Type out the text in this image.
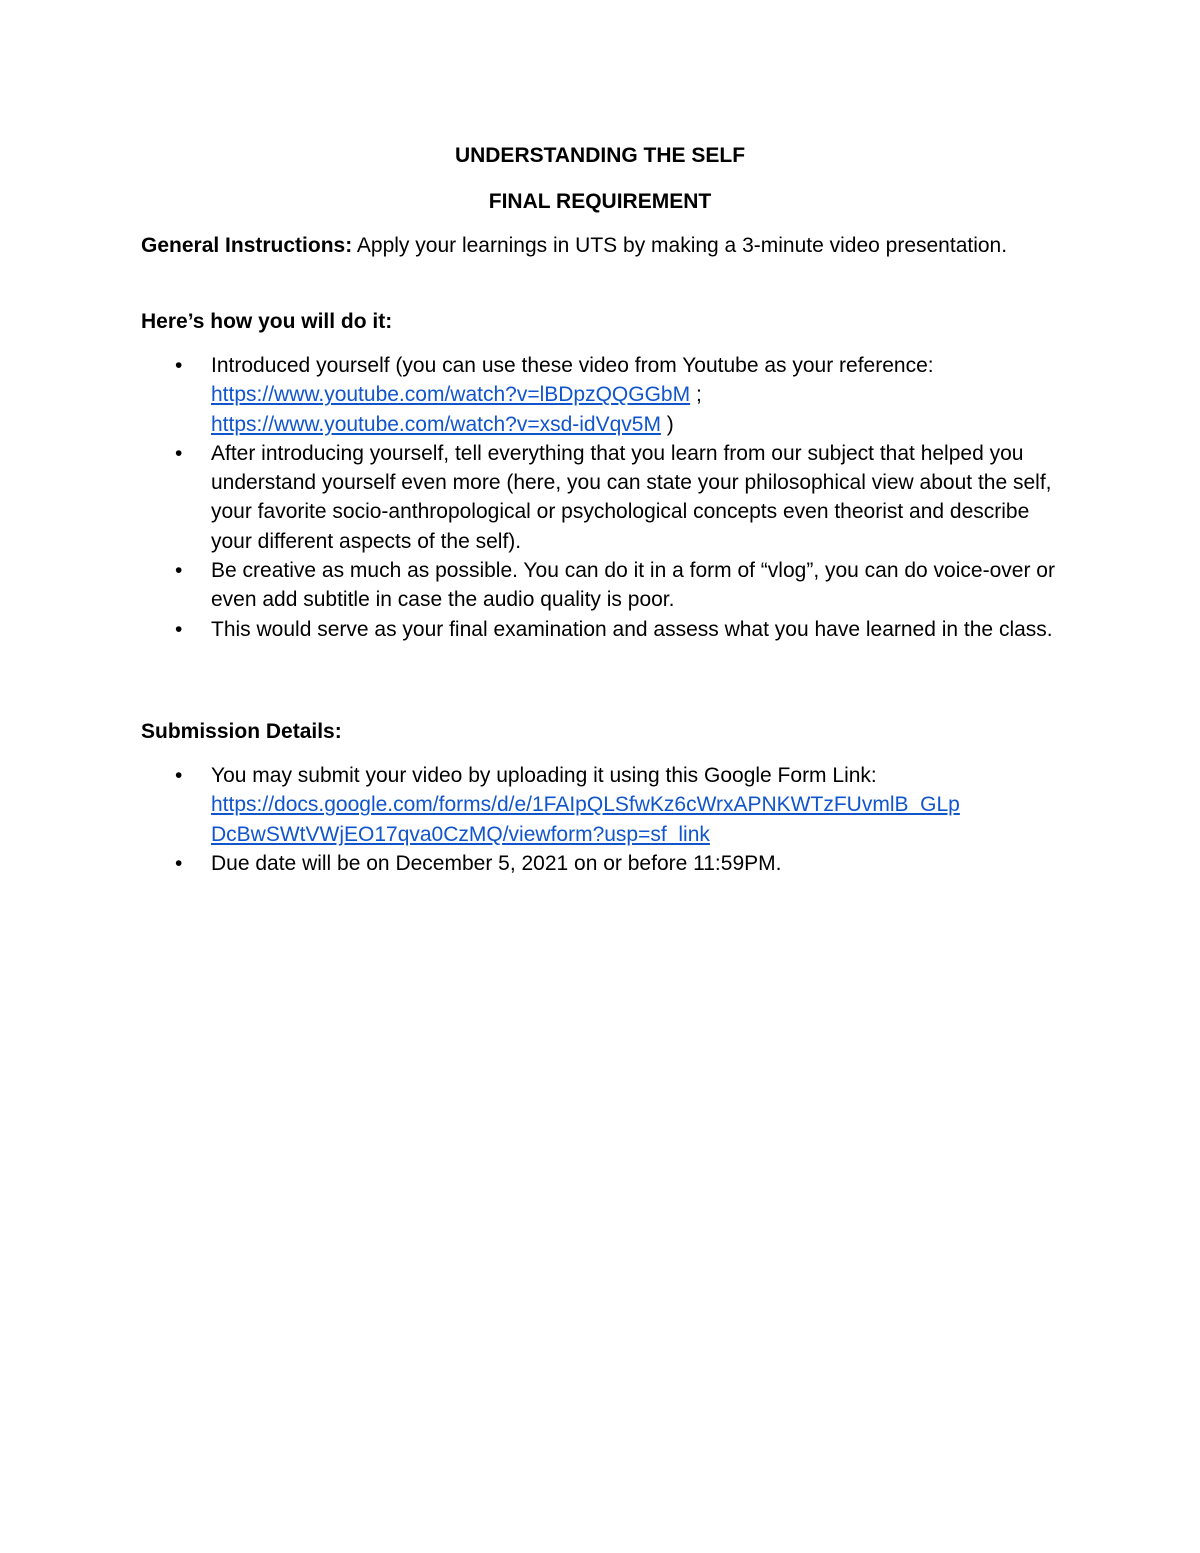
UNDERSTANDING THE SELF
FINAL REQUIREMENT

General Instructions: Apply your learnings in UTS by making a 3-minute video presentation.

Here’s how you will do it:

•	Introduced yourself (you can use these video from Youtube as your reference:
https://www.youtube.com/watch?v=lBDpzQQGGbM ;
https://www.youtube.com/watch?v=xsd-idVqv5M )
•	After introducing yourself, tell everything that you learn from our subject that helped you understand yourself even more (here, you can state your philosophical view about the self, your favorite socio-anthropological or psychological concepts even theorist and describe your different aspects of the self).
•	Be creative as much as possible. You can do it in a form of “vlog”, you can do voice-over or even add subtitle in case the audio quality is poor.
•	This would serve as your final examination and assess what you have learned in the class.

Submission Details:

•	You may submit your video by uploading it using this Google Form Link:
https://docs.google.com/forms/d/e/1FAIpQLSfwKz6cWrxAPNKWTzFUvmlB_GLp
DcBwSWtVWjEO17qva0CzMQ/viewform?usp=sf_link
•	Due date will be on December 5, 2021 on or before 11:59PM.
